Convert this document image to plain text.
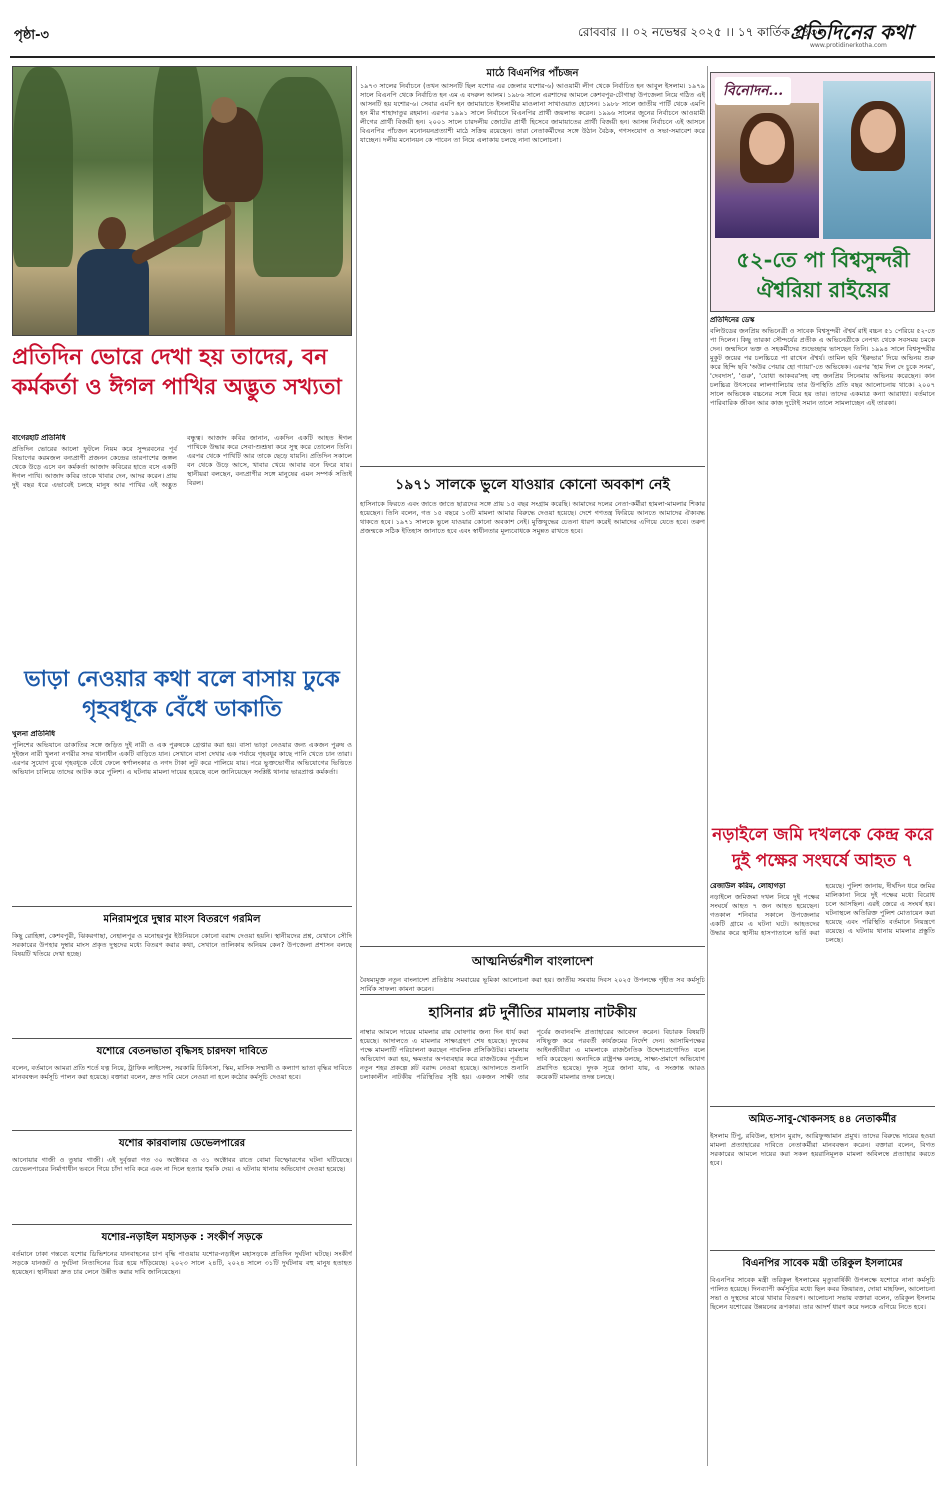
পৃষ্ঠা-৩	রোববার ।। ০২ নভেম্বর ২০২৫ ।। ১৭ কার্তিক ১৪৩২
প্রতিদিনের কথা
www.protidinerkotha.com
প্রতিদিন ভোরে দেখা হয় তাদের, বন কর্মকর্তা ও ঈগল পাখির অদ্ভুত সখ্যতা

বাগেরহাট প্রতিনিধি

প্রতিদিন ভোরের আলো ফুটলে নিয়ম করে সুন্দরবনের পূর্ব বিভাগের করমজল বন্যপ্রাণী প্রজনন কেন্দ্রের তারপাশের জঙ্গল থেকে উড়ে এসে বন কর্মকর্তা আজাদ কবিরের হাতে বসে একটি ঈগল পাখি। আজাদ কবির তাকে খাবার দেন, আদর করেন। প্রায় দুই বছর ধরে এভাবেই চলছে মানুষ আর পাখির এই অদ্ভুত বন্ধুত্ব। আজাদ কবির জানান, একদিন একটি আহত ঈগল পাখিকে উদ্ধার করে সেবা-শুশ্রূষা করে সুস্থ করে তোলেন তিনি। এরপর থেকে পাখিটি আর তাকে ছেড়ে যায়নি। প্রতিদিন সকালে বন থেকে উড়ে আসে, খাবার খেয়ে আবার বনে ফিরে যায়। স্থানীয়রা বলছেন, বন্যপ্রাণীর সঙ্গে মানুষের এমন সম্পর্ক সত্যিই বিরল।

ভাড়া নেওয়ার কথা বলে বাসায় ঢুকে গৃহবধূকে বেঁধে ডাকাতি

খুলনা প্রতিনিধি

পুলিশের অভিযানে ডাকাতির সঙ্গে জড়িত দুই নারী ও এক পুরুষকে গ্রেপ্তার করা হয়। বাসা ভাড়া নেওয়ার জন্য একজন পুরুষ ও দুইজন নারী খুলনা নগরীর সদর থানাধীন একটি বাড়িতে যান। সেখানে বাসা দেখার এক পর্যায়ে গৃহবধূর কাছে পানি খেতে চান তারা। এরপর সুযোগ বুঝে গৃহবধূকে বেঁধে ফেলে স্বর্ণালংকার ও নগদ টাকা লুট করে পালিয়ে যায়। পরে ভুক্তভোগীর অভিযোগের ভিত্তিতে অভিযান চালিয়ে তাদের আটক করে পুলিশ। এ ঘটনায় মামলা দায়ের হয়েছে বলে জানিয়েছেন সংশ্লিষ্ট থানার ভারপ্রাপ্ত কর্মকর্তা।

মনিরামপুরে দুম্বার মাংস বিতরণে গরমিল
কিছু রোহিঙ্গা, কেশবপুরী, ঝিকরগাছা, নেহালপুর ও মনোহরপুর ইউনিয়নে কোনো বরাদ্দ দেওয়া হয়নি। স্থানীয়দের প্রশ্ন, যেখানে সৌদি সরকারের উপহার দুম্বার মাংস প্রকৃত দুস্থদের মধ্যে বিতরণ করার কথা, সেখানে তালিকায় অনিয়ম কেন? উপজেলা প্রশাসন বলছে বিষয়টি খতিয়ে দেখা হচ্ছে।
যশোরে বেতনভাতা বৃদ্ধিসহ চারদফা দাবিতে
বলেন, বর্তমানে আমরা প্রতি শর্তে যত্ন নিয়ে, ট্রাফিক লাইসেন্স, সরকারি চিকিৎসা, স্কিম, মাসিক সম্মানী ও কল্যাণ ভাতা বৃদ্ধির দাবিতে মানববন্ধন কর্মসূচি পালন করা হয়েছে। বক্তারা বলেন, দ্রুত দাবি মেনে নেওয়া না হলে কঠোর কর্মসূচি দেওয়া হবে।
যশোর কারবালায় ডেভেলপারের
আনোয়ার গাজী ও তুষার গাজী। এই দুর্বৃত্তরা গত ৩০ অক্টোবর ও ৩১ অক্টোবর রাতে বোমা বিস্ফোরণের ঘটনা ঘটিয়েছে। ডেভেলপারের নির্মাণাধীন ভবনে গিয়ে চাঁদা দাবি করে এবং না দিলে হত্যার হুমকি দেয়। এ ঘটনায় থানায় অভিযোগ দেওয়া হয়েছে।
যশোর-নড়াইল মহাসড়ক : সংকীর্ণ সড়কে
বর্তমানে ঢাকা গন্তব্যে যশোর ডিভিশনের যানবাহনের চাপ বৃদ্ধি পাওয়ায় যশোর-নড়াইল মহাসড়কে প্রতিদিন দুর্ঘটনা ঘটছে। সংকীর্ণ সড়কে যানজট ও দুর্ঘটনা নিত্যদিনের চিত্র হয়ে দাঁড়িয়েছে। ২০২৩ সালে ২৪টি, ২০২৪ সালে ৩১টি দুর্ঘটনায় বহু মানুষ হতাহত হয়েছেন। স্থানীয়রা দ্রুত চার লেনে উন্নীত করার দাবি জানিয়েছেন।
মাঠে বিএনপির পাঁচজন
১৯৭৩ সালের নির্বাচনে (তখন আসনটি ছিল যশোর এর জেলার যশোর-৬) আওয়ামী লীগ থেকে নির্বাচিত হন আবুল ইসলাম। ১৯৭৯ সালে বিএনপি থেকে নির্বাচিত হন এম এ বদরুল আলম। ১৯৮৬ সালে এরশাদের আমলে কেশবপুর-চৌগাছা উপজেলা নিয়ে গঠিত এই আসনটি হয় যশোর-৬। সেবার এমপি হন জামায়াতে ইসলামীর মাওলানা সাখাওয়াত হোসেন। ১৯৮৮ সালে জাতীয় পার্টি থেকে এমপি হন মীর শাহাদাতুর রহমান। এরপর ১৯৯১ সালে নির্বাচনে বিএনপির প্রার্থী জয়লাভ করেন। ১৯৯৬ সালের জুনের নির্বাচনে আওয়ামী লীগের প্রার্থী বিজয়ী হন। ২০০১ সালে চারদলীয় জোটের প্রার্থী হিসেবে জামায়াতের প্রার্থী বিজয়ী হন। আসন্ন নির্বাচনে এই আসনে বিএনপির পাঁচজন মনোনয়নপ্রত্যাশী মাঠে সক্রিয় রয়েছেন। তারা নেতাকর্মীদের সঙ্গে উঠান বৈঠক, গণসংযোগ ও সভা-সমাবেশ করে যাচ্ছেন। দলীয় মনোনয়ন কে পাবেন তা নিয়ে এলাকায় চলছে নানা আলোচনা।
১৯৭১ সালকে ভুলে যাওয়ার কোনো অবকাশ নেই
হাসিনাকে ফিরতে এবং জাতে জাতে ছাত্রদের সঙ্গে প্রায় ১৫ বছর সংগ্রাম করেছি। আমাদের দলের নেতা-কর্মীরা হামলা-মামলার শিকার হয়েছেন। তিনি বলেন, গত ১৫ বছরে ১৩টি মামলা আমার বিরুদ্ধে দেওয়া হয়েছে। দেশে গণতন্ত্র ফিরিয়ে আনতে আমাদের ঐক্যবদ্ধ থাকতে হবে। ১৯৭১ সালকে ভুলে যাওয়ার কোনো অবকাশ নেই। মুক্তিযুদ্ধের চেতনা ধারণ করেই আমাদের এগিয়ে যেতে হবে। তরুণ প্রজন্মকে সঠিক ইতিহাস জানাতে হবে এবং স্বাধীনতার মূল্যবোধকে সমুন্নত রাখতে হবে।
আত্মনির্ভরশীল বাংলাদেশ
বৈষম্যমুক্ত নতুন বাংলাদেশ প্রতিষ্ঠায় সমবায়ের ভূমিকা আলোচনা করা হয়। জাতীয় সমবায় দিবস ২০২৫ উপলক্ষে গৃহীত সব কর্মসূচি সার্বিক সাফল্য কামনা করেন।
হাসিনার প্লট দুর্নীতির মামলায় নাটকীয়
নাম্বার আমলে দায়ের মামলার রায় ঘোষণার জন্য দিন ধার্য করা হয়েছে। আদালতে এ মামলার সাক্ষ্যগ্রহণ শেষ হয়েছে। দুদকের পক্ষে মামলাটি পরিচালনা করছেন পাবলিক প্রসিকিউটর। মামলায় অভিযোগ করা হয়, ক্ষমতার অপব্যবহার করে রাজউকের পূর্বাচল নতুন শহর প্রকল্পে প্লট বরাদ্দ নেওয়া হয়েছে। আদালতে শুনানি চলাকালীন নাটকীয় পরিস্থিতির সৃষ্টি হয়। একজন সাক্ষী তার পূর্বের জবানবন্দি প্রত্যাহারের আবেদন করেন। বিচারক বিষয়টি নথিভুক্ত করে পরবর্তী কার্যক্রমের নির্দেশ দেন। আসামিপক্ষের আইনজীবীরা এ মামলাকে রাজনৈতিক উদ্দেশ্যপ্রণোদিত বলে দাবি করেছেন। অন্যদিকে রাষ্ট্রপক্ষ বলছে, সাক্ষ্য-প্রমাণে অভিযোগ প্রমাণিত হয়েছে। দুদক সূত্রে জানা যায়, এ সংক্রান্ত আরও কয়েকটি মামলার তদন্ত চলছে।
বিনোদন...
৫২-তে পা বিশ্বসুন্দরী ঐশ্বরিয়া রাইয়ের

প্রতিদিনের ডেস্ক

বলিউডের জনপ্রিয় অভিনেত্রী ও সাবেক বিশ্বসুন্দরী ঐশ্বর্য রাই বচ্চন ৫১ পেরিয়ে ৫২-তে পা দিলেন। কিছু তারকা সৌন্দর্যের প্রতীক এ অভিনেত্রীকে নেপথ্য থেকে সবসময় চমকে দেন। জন্মদিনে ভক্ত ও সহকর্মীদের শুভেচ্ছায় ভাসছেন তিনি। ১৯৯৪ সালে বিশ্বসুন্দরীর মুকুট জয়ের পর চলচ্চিত্রে পা রাখেন ঐশ্বর্য। তামিল ছবি 'ইরুভার' দিয়ে অভিনয় শুরু করে হিন্দি ছবি 'অউর পেয়ার হো গ্যায়া'-তে অভিষেক। এরপর 'হাম দিল দে চুকে সনম', 'দেবদাস', 'গুরু', 'যোধা আকবর'সহ বহু জনপ্রিয় সিনেমায় অভিনয় করেছেন। কান চলচ্চিত্র উৎসবের লালগালিচায় তার উপস্থিতি প্রতি বছর আলোচনায় থাকে। ২০০৭ সালে অভিষেক বচ্চনের সঙ্গে বিয়ে হয় তার। তাদের একমাত্র কন্যা আরাধ্যা। বর্তমানে পারিবারিক জীবন আর কাজ দুটোই সমান তালে সামলাচ্ছেন এই তারকা।

নড়াইলে জমি দখলকে কেন্দ্র করে দুই পক্ষের সংঘর্ষে আহত ৭

রেজাউল করিম, লোহাগড়া

নড়াইলে জমিজমা দখল নিয়ে দুই পক্ষের সংঘর্ষে আহত ৭ জন আহত হয়েছেন। গতকাল শনিবার সকালে উপজেলার একটি গ্রামে এ ঘটনা ঘটে। আহতদের উদ্ধার করে স্থানীয় হাসপাতালে ভর্তি করা হয়েছে। পুলিশ জানায়, দীর্ঘদিন ধরে জমির মালিকানা নিয়ে দুই পক্ষের মধ্যে বিরোধ চলে আসছিল। এরই জেরে এ সংঘর্ষ হয়। ঘটনাস্থলে অতিরিক্ত পুলিশ মোতায়েন করা হয়েছে এবং পরিস্থিতি বর্তমানে নিয়ন্ত্রণে রয়েছে। এ ঘটনায় থানায় মামলার প্রস্তুতি চলছে।

অমিত-সাবু-খোকনসহ ৪৪ নেতাকর্মীর
ইসলাম টিপু, রবিউল, হাসান মুরাদ, আরিফুজ্জামান প্রমুখ। তাদের বিরুদ্ধে দায়ের হওয়া মামলা প্রত্যাহারের দাবিতে নেতাকর্মীরা মানববন্ধন করেন। বক্তারা বলেন, বিগত সরকারের আমলে দায়ের করা সকল হয়রানিমূলক মামলা অবিলম্বে প্রত্যাহার করতে হবে।
বিএনপির সাবেক মন্ত্রী তরিকুল ইসলামের
বিএনপির সাবেক মন্ত্রী তরিকুল ইসলামের মৃত্যুবার্ষিকী উপলক্ষে যশোরে নানা কর্মসূচি পালিত হয়েছে। দিনব্যাপী কর্মসূচির মধ্যে ছিল কবর জিয়ারত, দোয়া মাহফিল, আলোচনা সভা ও দুস্থদের মাঝে খাবার বিতরণ। আলোচনা সভায় বক্তারা বলেন, তরিকুল ইসলাম ছিলেন যশোরের উন্নয়নের রূপকার। তার আদর্শ ধারণ করে দলকে এগিয়ে নিতে হবে।
